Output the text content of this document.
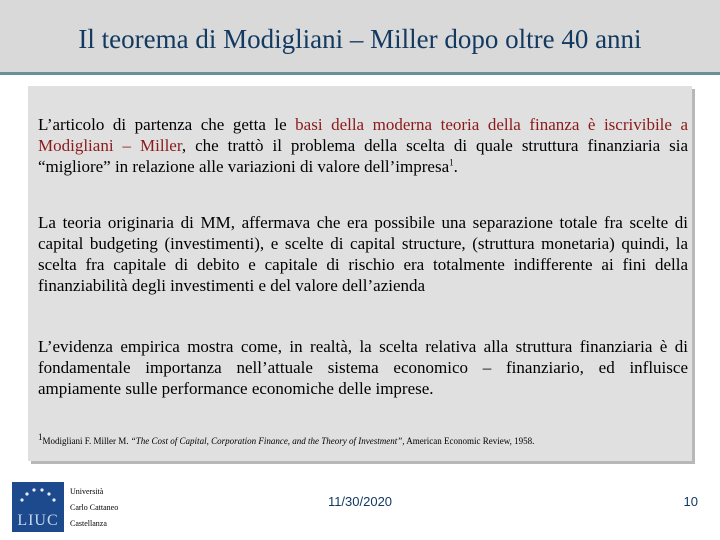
Il teorema di Modigliani – Miller dopo oltre 40 anni

L’articolo di partenza che getta le basi della moderna teoria della finanza è iscrivibile a Modigliani – Miller, che trattò il problema della scelta di quale struttura finanziaria sia “migliore” in relazione alle variazioni di valore dell’impresa$^1$.

La teoria originaria di MM, affermava che era possibile una separazione totale fra scelte di capital budgeting (investimenti), e scelte di capital structure, (struttura monetaria) quindi, la scelta fra capitale di debito e capitale di rischio era totalmente indifferente ai fini della finanziabilità degli investimenti e del valore dell’azienda

L’evidenza empirica mostra come, in realtà, la scelta relativa alla struttura finanziaria è di fondamentale importanza nell’attuale sistema economico – finanziario, ed influisce ampiamente sulle performance economiche delle imprese.

1Modigliani F. Miller M. “The Cost of Capital, Corporation Finance, and the Theory of Investment”, American Economic Review, 1958.
LIUC
Università
Carlo Cattaneo
Castellanza
11/30/2020	10
